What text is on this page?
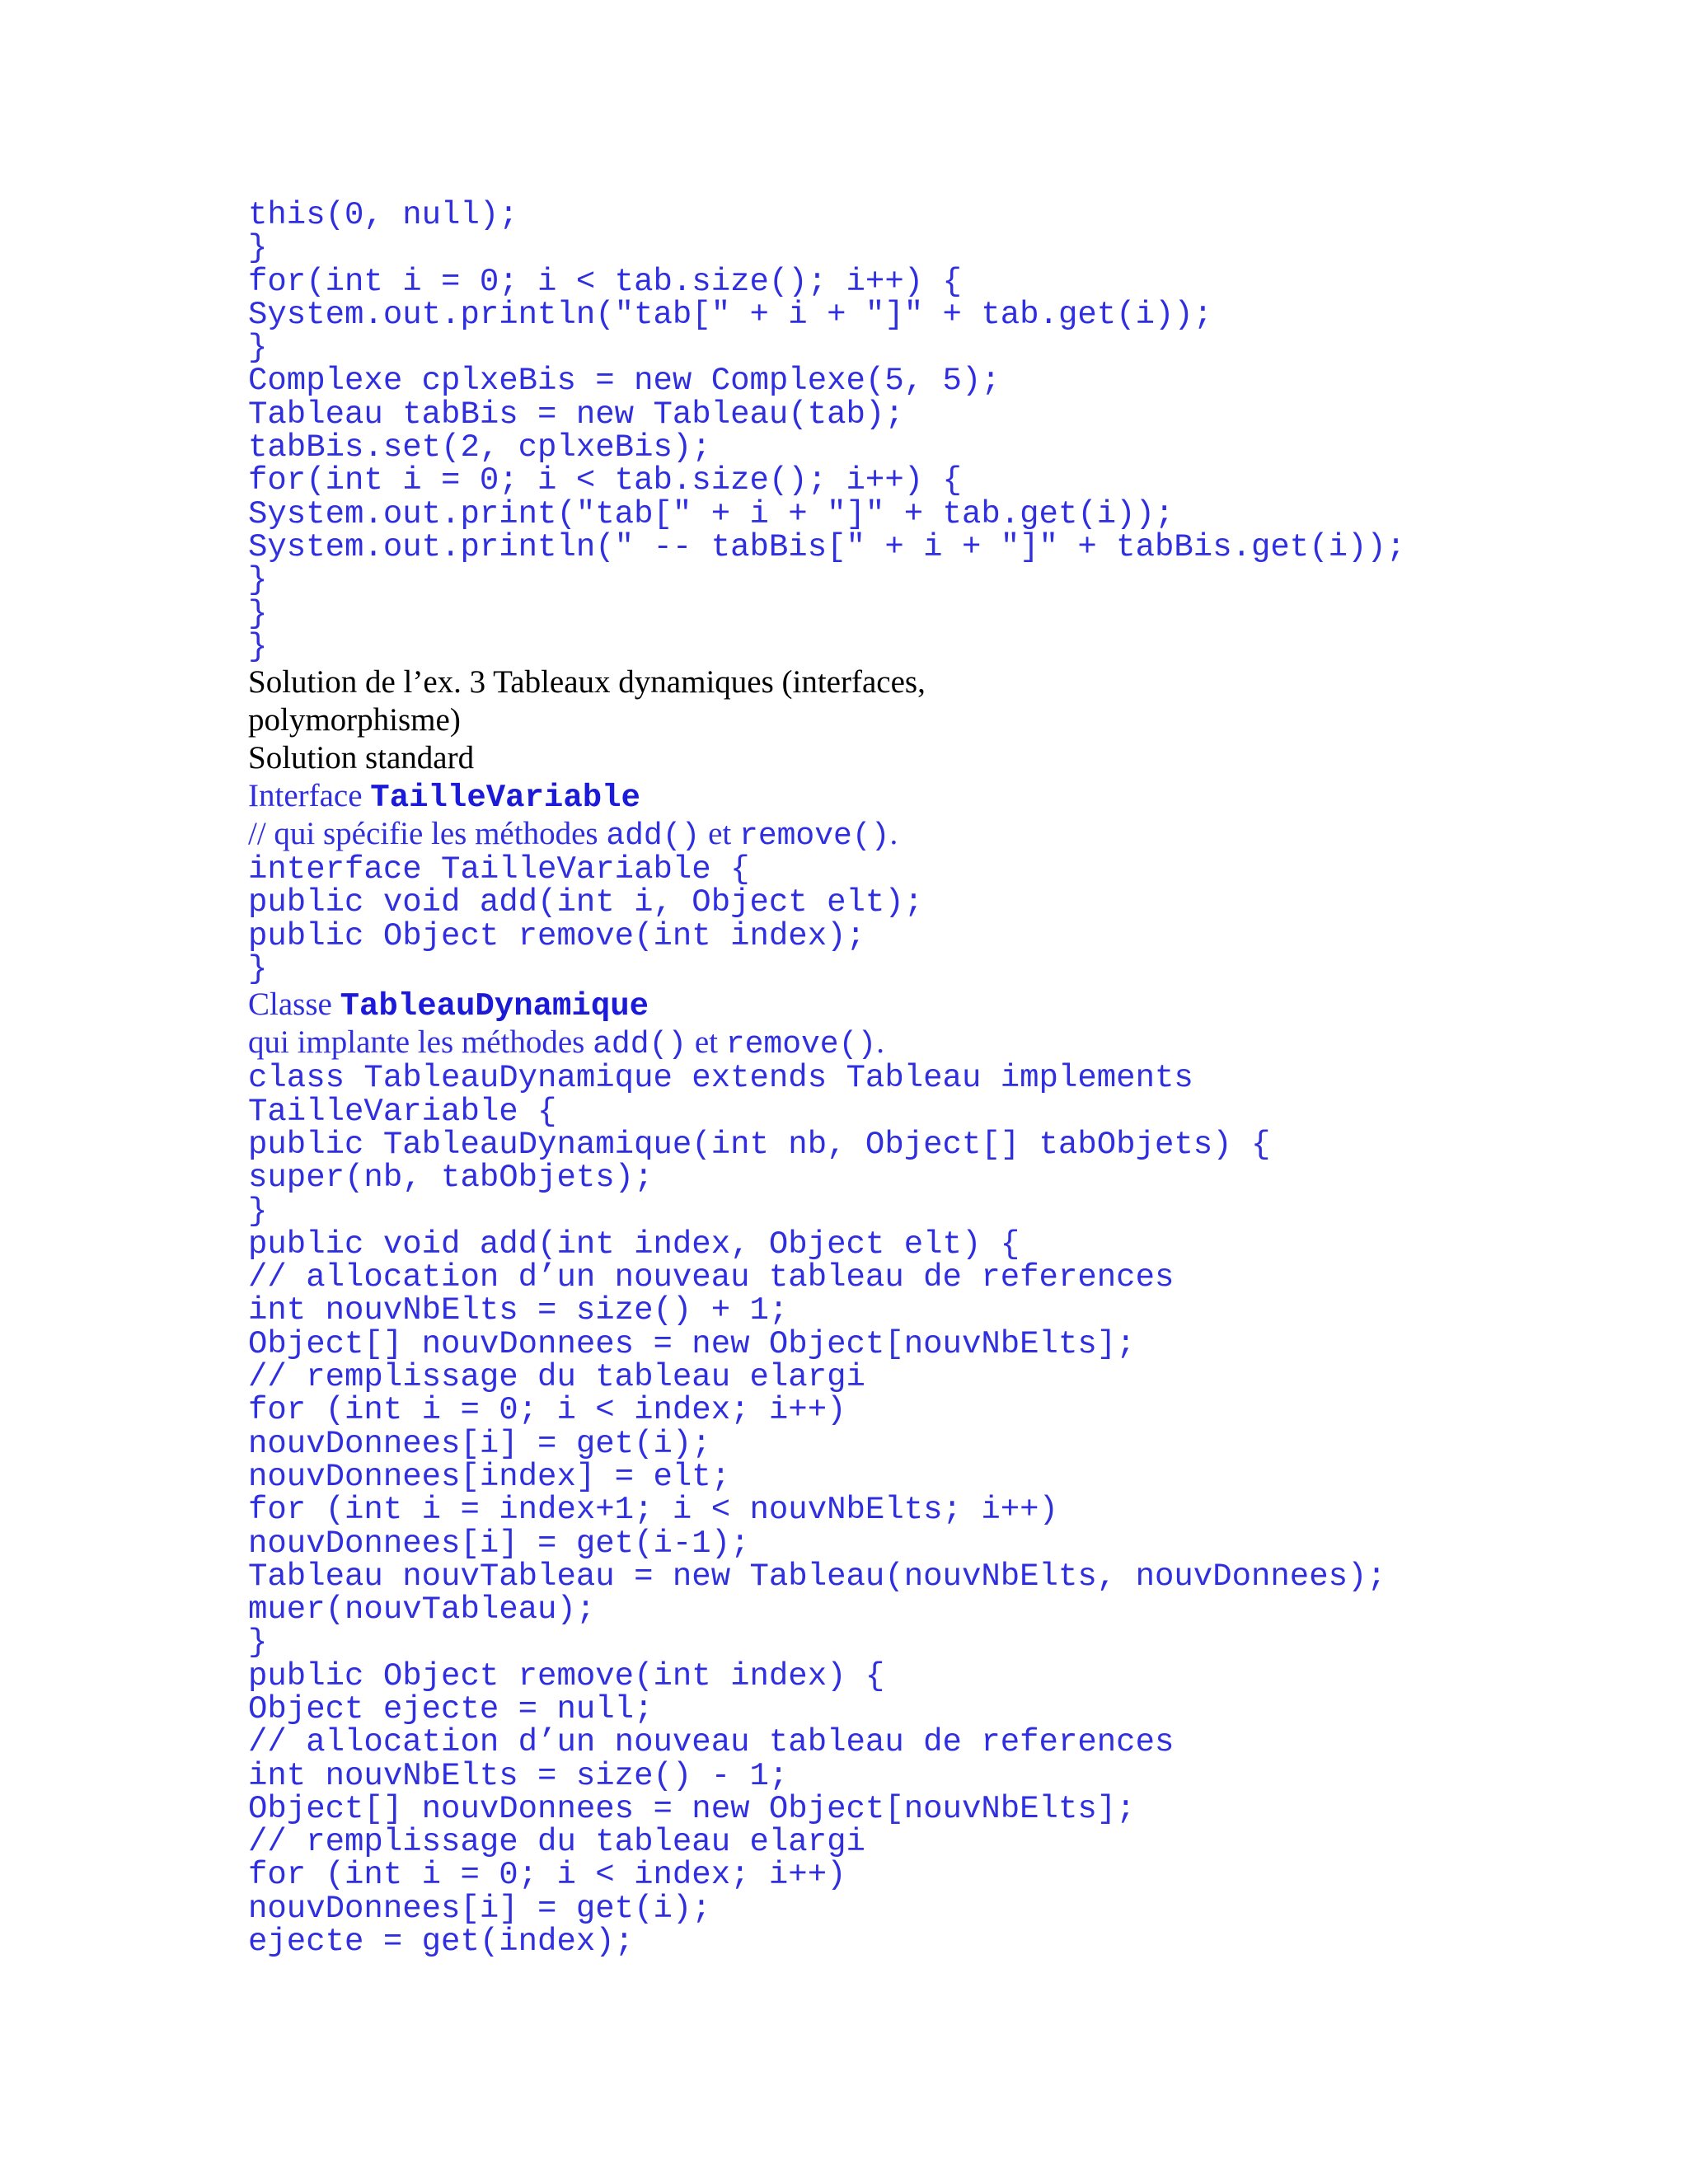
this(0, null);
}
for(int i = 0; i < tab.size(); i++) {
System.out.println("tab[" + i + "]" + tab.get(i));
}
Complexe cplxeBis = new Complexe(5, 5);
Tableau tabBis = new Tableau(tab);
tabBis.set(2, cplxeBis);
for(int i = 0; i < tab.size(); i++) {
System.out.print("tab[" + i + "]" + tab.get(i));
System.out.println(" -- tabBis[" + i + "]" + tabBis.get(i));
}
}
}
Solution de l’ex. 3 Tableaux dynamiques (interfaces,
polymorphisme)
Solution standard
Interface TailleVariable
// qui spécifie les méthodes add() et remove().
interface TailleVariable {
public void add(int i, Object elt);
public Object remove(int index);
}
Classe TableauDynamique
qui implante les méthodes add() et remove().
class TableauDynamique extends Tableau implements
TailleVariable {
public TableauDynamique(int nb, Object[] tabObjets) {
super(nb, tabObjets);
}
public void add(int index, Object elt) {
// allocation d’un nouveau tableau de references
int nouvNbElts = size() + 1;
Object[] nouvDonnees = new Object[nouvNbElts];
// remplissage du tableau elargi
for (int i = 0; i < index; i++)
nouvDonnees[i] = get(i);
nouvDonnees[index] = elt;
for (int i = index+1; i < nouvNbElts; i++)
nouvDonnees[i] = get(i-1);
Tableau nouvTableau = new Tableau(nouvNbElts, nouvDonnees);
muer(nouvTableau);
}
public Object remove(int index) {
Object ejecte = null;
// allocation d’un nouveau tableau de references
int nouvNbElts = size() - 1;
Object[] nouvDonnees = new Object[nouvNbElts];
// remplissage du tableau elargi
for (int i = 0; i < index; i++)
nouvDonnees[i] = get(i);
ejecte = get(index);
